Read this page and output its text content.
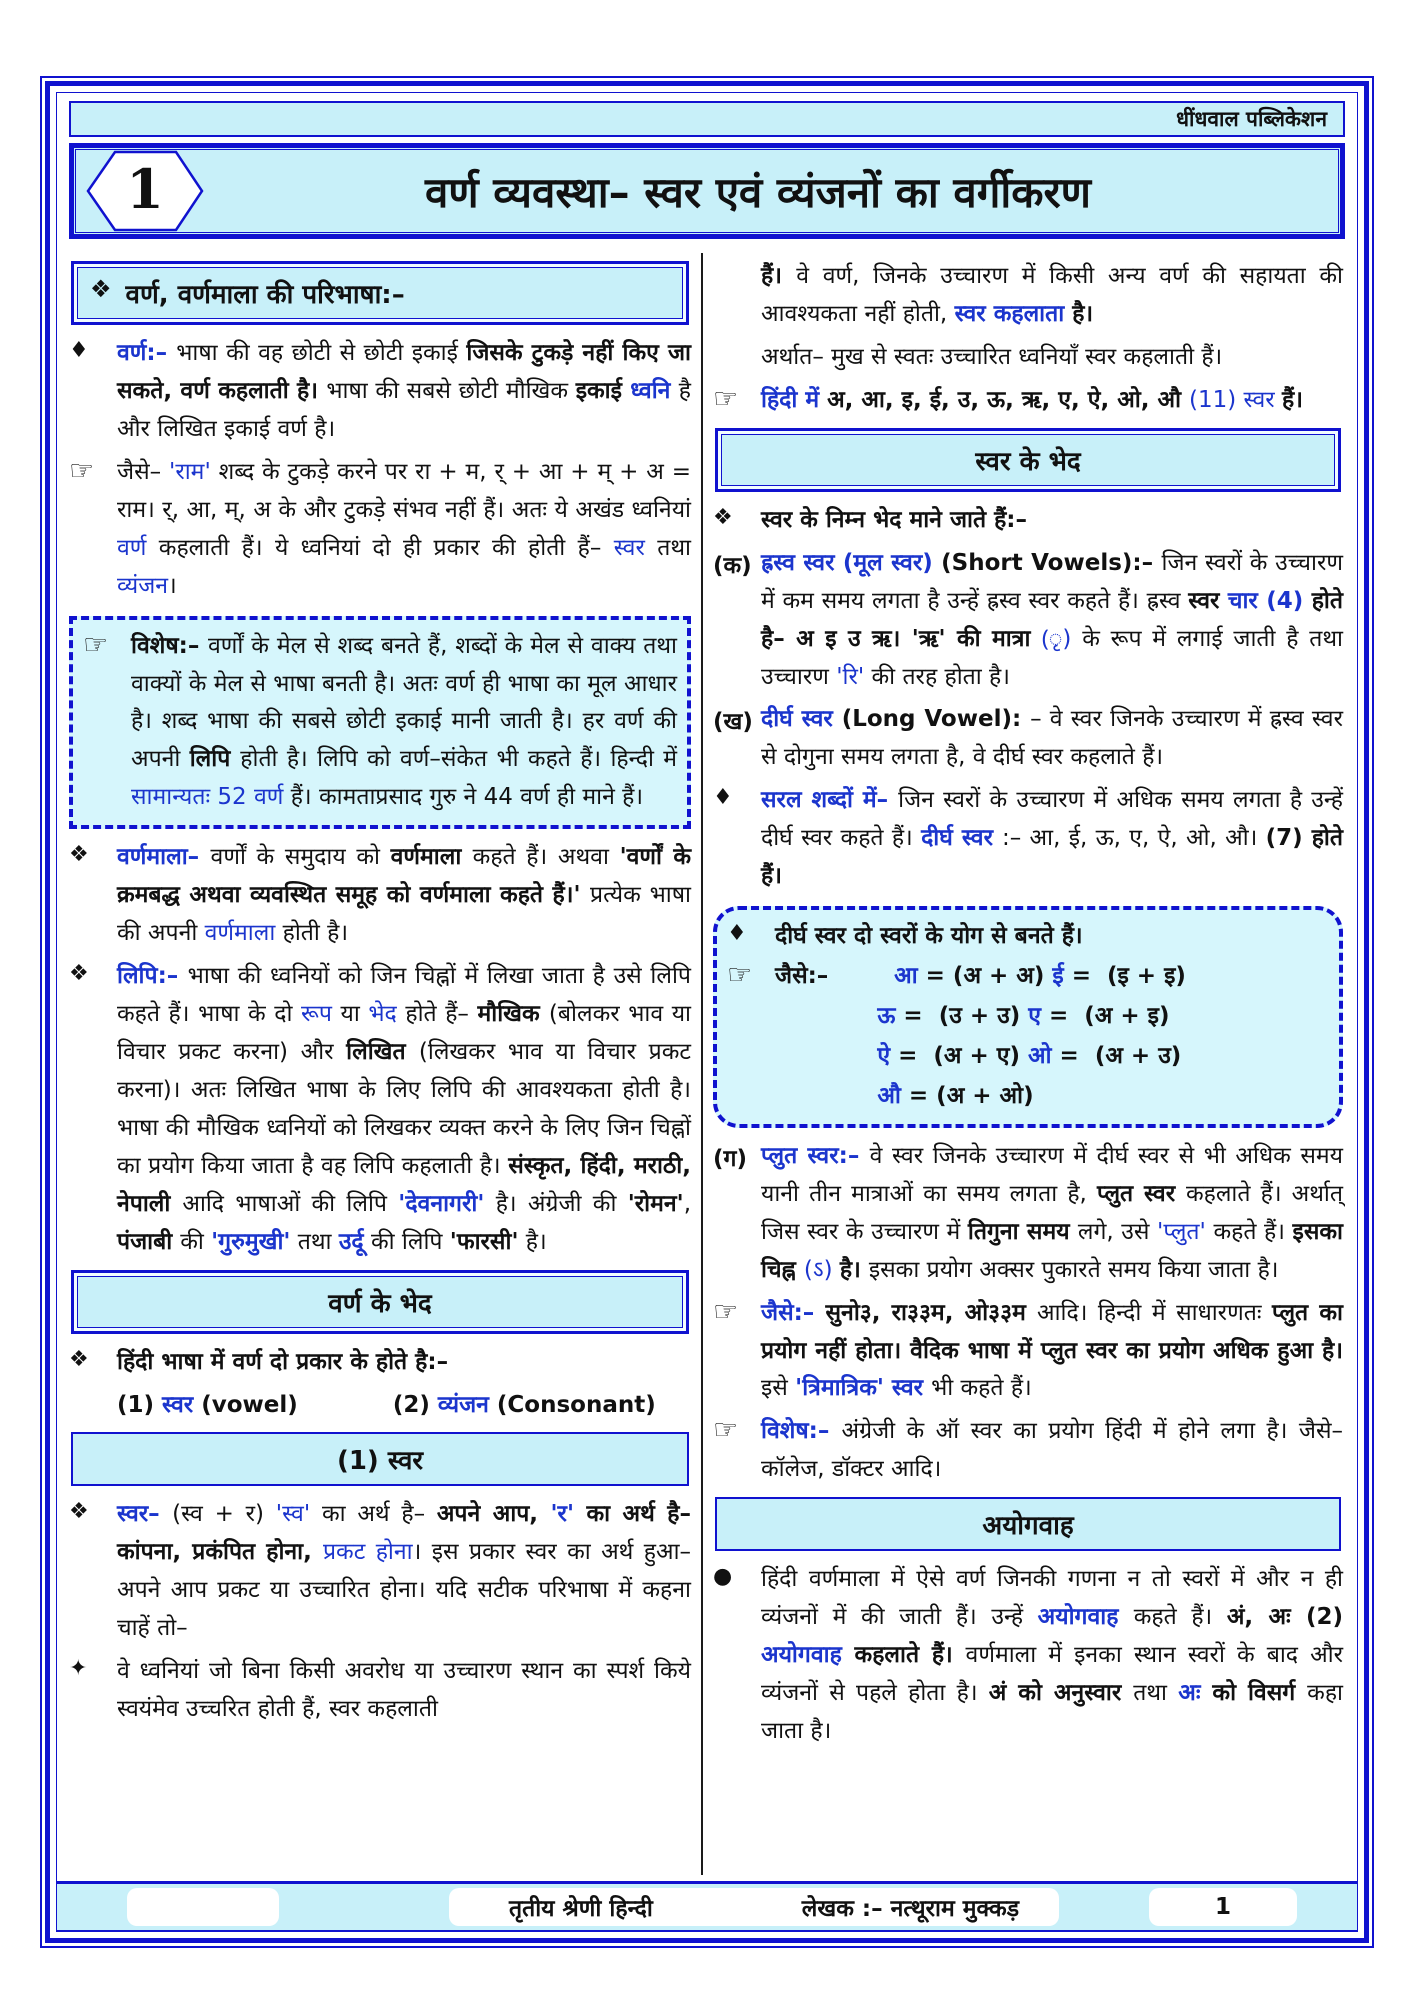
धींधवाल पब्लिकेशन
1	वर्ण व्यवस्था– स्वर एवं व्यंजनों का वर्गीकरण
❖ वर्ण, वर्णमाला की परिभाषा:–
♦	वर्ण:– भाषा की वह छोटी से छोटी इकाई जिसके टुकड़े नहीं किए जा सकते, वर्ण कहलाती है। भाषा की सबसे छोटी मौखिक इकाई ध्वनि है और लिखित इकाई वर्ण है।
☞ जैसे– 'राम' शब्द के टुकड़े करने पर रा + म, र् + आ + म् + अ = राम। र्, आ, म्, अ के और टुकड़े संभव नहीं हैं। अतः ये अखंड ध्वनियां वर्ण कहलाती हैं। ये ध्वनियां दो ही प्रकार की होती हैं– स्वर तथा व्यंजन।
☞ विशेष:– वर्णों के मेल से शब्द बनते हैं, शब्दों के मेल से वाक्य तथा वाक्यों के मेल से भाषा बनती है। अतः वर्ण ही भाषा का मूल आधार है। शब्द भाषा की सबसे छोटी इकाई मानी जाती है। हर वर्ण की अपनी लिपि होती है। लिपि को वर्ण–संकेत भी कहते हैं। हिन्दी में सामान्यतः 52 वर्ण हैं। कामताप्रसाद गुरु ने 44 वर्ण ही माने हैं।
❖	वर्णमाला– वर्णों के समुदाय को वर्णमाला कहते हैं। अथवा 'वर्णों के क्रमबद्ध अथवा व्यवस्थित समूह को वर्णमाला कहते हैं।' प्रत्येक भाषा की अपनी वर्णमाला होती है।
❖	लिपि:– भाषा की ध्वनियों को जिन चिह्नों में लिखा जाता है उसे लिपि कहते हैं। भाषा के दो रूप या भेद होते हैं– मौखिक (बोलकर भाव या विचार प्रकट करना) और लिखित (लिखकर भाव या विचार प्रकट करना)। अतः लिखित भाषा के लिए लिपि की आवश्यकता होती है। भाषा की मौखिक ध्वनियों को लिखकर व्यक्त करने के लिए जिन चिह्नों का प्रयोग किया जाता है वह लिपि कहलाती है। संस्कृत, हिंदी, मराठी, नेपाली आदि भाषाओं की लिपि 'देवनागरी' है। अंग्रेजी की 'रोमन', पंजाबी की 'गुरुमुखी' तथा उर्दू की लिपि 'फारसी' है।
वर्ण के भेद
❖	हिंदी भाषा में वर्ण दो प्रकार के होते है:–
(1) स्वर (vowel)	(2) व्यंजन (Consonant)
(1) स्वर
❖	स्वर– (स्व + र) 'स्व' का अर्थ है– अपने आप, 'र' का अर्थ है– कांपना, प्रकंपित होना, प्रकट होना। इस प्रकार स्वर का अर्थ हुआ– अपने आप प्रकट या उच्चारित होना। यदि सटीक परिभाषा में कहना चाहें तो–
✦	वे ध्वनियां जो बिना किसी अवरोध या उच्चारण स्थान का स्पर्श किये स्वयंमेव उच्चरित होती हैं, स्वर कहलाती
हैं। वे वर्ण, जिनके उच्चारण में किसी अन्य वर्ण की सहायता की आवश्यकता नहीं होती, स्वर कहलाता है।
अर्थात– मुख से स्वतः उच्चारित ध्वनियाँ स्वर कहलाती हैं।
☞ हिंदी में अ, आ, इ, ई, उ, ऊ, ऋ, ए, ऐ, ओ, औ (11) स्वर हैं।
स्वर के भेद
❖	स्वर के निम्न भेद माने जाते हैं:–
(क) ह्रस्व स्वर (मूल स्वर) (Short Vowels):– जिन स्वरों के उच्चारण में कम समय लगता है उन्हें ह्रस्व स्वर कहते हैं। ह्रस्व स्वर चार (4) होते है– अ इ उ ऋ। 'ऋ' की मात्रा (ृ) के रूप में लगाई जाती है तथा उच्चारण 'रि' की तरह होता है।
(ख) दीर्घ स्वर (Long Vowel): – वे स्वर जिनके उच्चारण में ह्रस्व स्वर से दोगुना समय लगता है, वे दीर्घ स्वर कहलाते हैं।
♦	सरल शब्दों में– जिन स्वरों के उच्चारण में अधिक समय लगता है उन्हें दीर्घ स्वर कहते हैं। दीर्घ स्वर :– आ, ई, ऊ, ए, ऐ, ओ, औ। (7) होते हैं।
♦	दीर्घ स्वर दो स्वरों के योग से बनते हैं।
☞ जैसे:–	आ = (अ + अ) ई =  (इ + इ)
ऊ =  (उ + उ) ए =  (अ + इ)
ऐ =  (अ + ए) ओ =  (अ + उ)
औ = (अ + ओ)
(ग) प्लुत स्वर:– वे स्वर जिनके उच्चारण में दीर्घ स्वर से भी अधिक समय यानी तीन मात्राओं का समय लगता है, प्लुत स्वर कहलाते हैं। अर्थात् जिस स्वर के उच्चारण में तिगुना समय लगे, उसे 'प्लुत' कहते हैं। इसका चिह्न (ऽ) है। इसका प्रयोग अक्सर पुकारते समय किया जाता है।
☞ जैसे:– सुनो३, रा३३म, ओ३३म आदि। हिन्दी में साधारणतः प्लुत का प्रयोग नहीं होता। वैदिक भाषा में प्लुत स्वर का प्रयोग अधिक हुआ है। इसे 'त्रिमात्रिक' स्वर भी कहते हैं।
☞ विशेष:– अंग्रेजी के ऑ स्वर का प्रयोग हिंदी में होने लगा है। जैसे– कॉलेज, डॉक्टर आदि।
अयोगवाह
●	हिंदी वर्णमाला में ऐसे वर्ण जिनकी गणना न तो स्वरों में और न ही व्यंजनों में की जाती हैं। उन्हें अयोगवाह कहते हैं। अं, अः (2) अयोगवाह कहलाते हैं। वर्णमाला में इनका स्थान स्वरों के बाद और व्यंजनों से पहले होता है। अं को अनुस्वार तथा अः को विसर्ग कहा जाता है।
तृतीय श्रेणी हिन्दी	लेखक :– नत्थूराम मुक्कड़	1
